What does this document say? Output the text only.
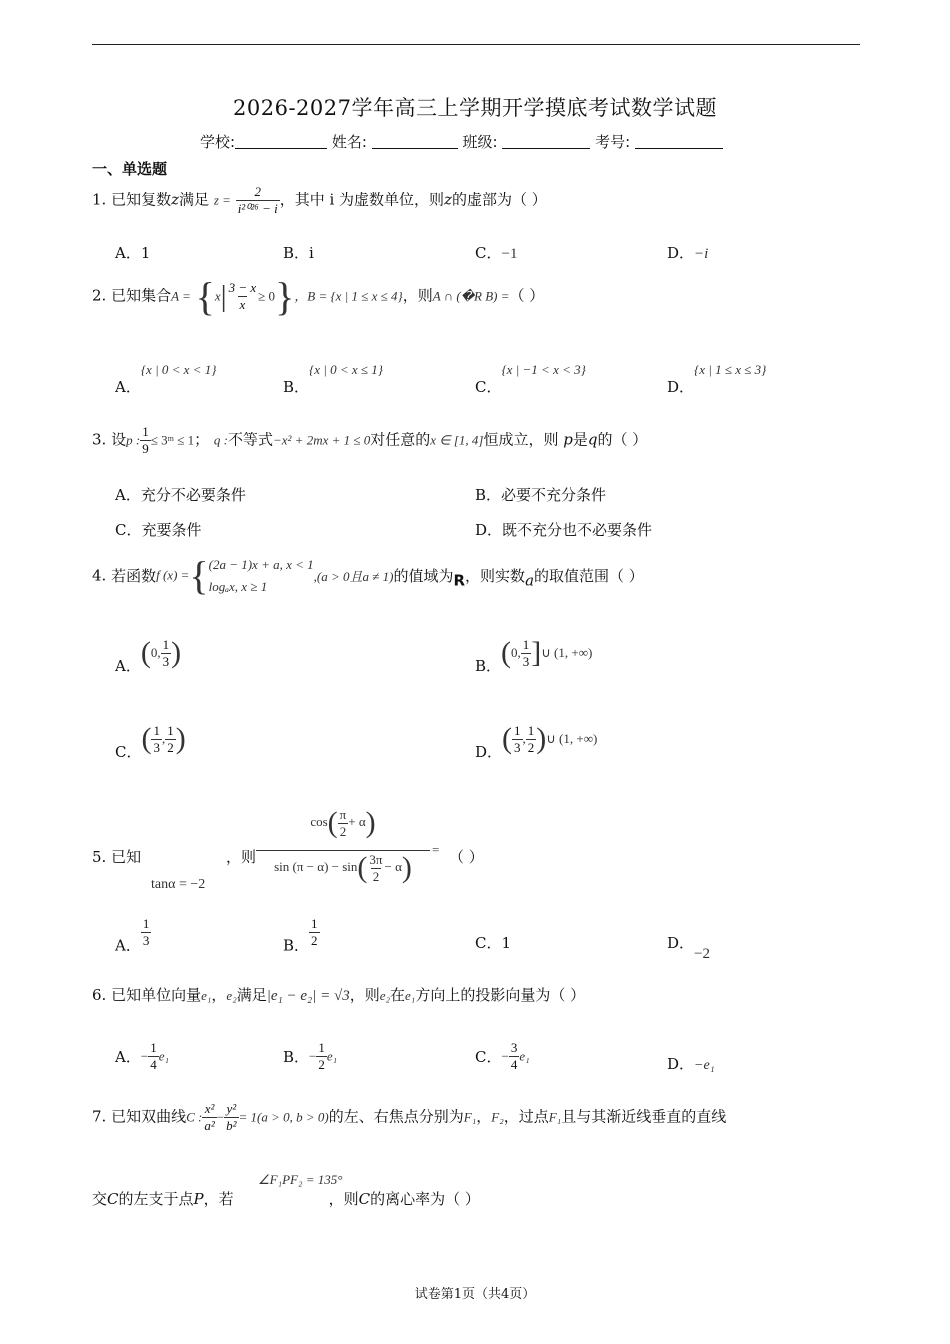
2026-2027学年高三上学期开学摸底考试数学试题
学校:	姓名:	班级:	考号:
一、单选题
1. 已知复数z满足 $z = \frac{2}{\text{i²⁰²⁶ − i}}$ ，其中 i 为虚数单位，则z的虚部为（ ）
A．1	B．i	C．−1	D．−i
2. 已知集合$A = \{x| \frac{3 - x}{x} \ge 0\}$，B = {x | 1 ≤ x ≤ 4}，则A ∩ (�R B) =（ ）
A．{x | 0 < x < 1}
B．{x | 0 < x ≤ 1}
C．{x | −1 < x < 3}
D．{x | 1 ≤ x ≤ 3}
3. 设p : $\frac{1}{9}$ ≤ 3ᵐ ≤ 1； q :不等式−x² + 2mx + 1 ≤ 0对任意的x ∈ [1, 4]恒成立，则 p是q的（ ）
A．充分不必要条件	B．必要不充分条件
C．充要条件	D．既不充分也不必要条件
4. 若函数f (x) ={ (2a − 1)x + a, x < 1
logₐx, x ≥ 1
,(a > 0且a ≠ 1)的值域为R，则实数a的取值范围（ ）
A．(0, $\frac{1}{3}$ )	B．(0, $\frac{1}{3}$ ]∪ (1, +∞)
C．( $\frac{1}{3}$ , $\frac{1}{2}$ )	D．( $\frac{1}{3}$ , $\frac{1}{2}$ )∪ (1, +∞)
5. 已知
tanα = −2
，则
$\cos( \frac{\pi}{2} + \alpha)$
$\sin (\pi - \alpha) - \sin( \frac{3\pi}{2} - \alpha)$
= （ ）
A． $\frac{1}{3}$	B． $\frac{1}{2}$	C．1	D．−2
6. 已知单位向量e₁，e₂满足|e₁ − e₂| = √3，则e₂在e₁方向上的投影向量为（ ）
A．− $\frac{1}{4} e_1$	B．− $\frac{1}{2} e_1$	C．− $\frac{3}{4} e_1$	D．−e₁
7. 已知双曲线C : $\frac{\text{x²}}{\text{a²}} - \frac{\text{y²}}{\text{b²}} = 1(a > 0$, b > 0)的左、右焦点分别为F₁，F₂，过点F₁且与其渐近线垂直的直线
交C的左支于点P，若	，则C的离心率为（ ）
∠F₁PF₂ = 135°
试卷第1页（共4页）
